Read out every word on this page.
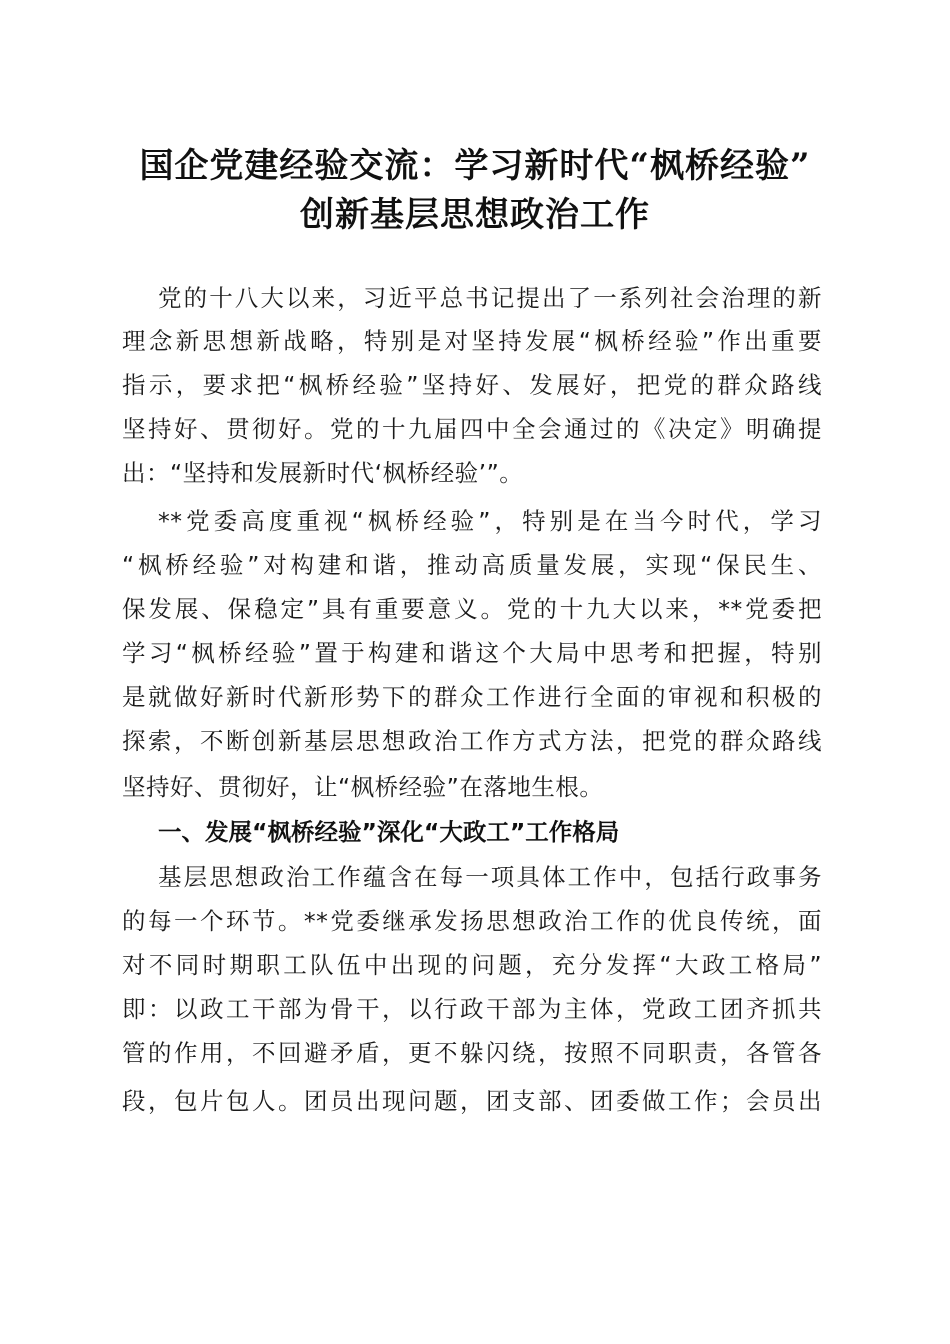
国企党建经验交流：学习新时代“枫桥经验”
创新基层思想政治工作
党的十八大以来，习近平总书记提出了一系列社会治理的新
理念新思想新战略，特别是对坚持发展“枫桥经验”作出重要
指示，要求把“枫桥经验”坚持好、发展好，把党的群众路线
坚持好、贯彻好。党的十九届四中全会通过的《决定》明确提
出：“坚持和发展新时代‘枫桥经验’”。
**党委高度重视“枫桥经验”，特别是在当今时代，学习
“枫桥经验”对构建和谐，推动高质量发展，实现“保民生、
保发展、保稳定”具有重要意义。党的十九大以来，**党委把
学习“枫桥经验”置于构建和谐这个大局中思考和把握，特别
是就做好新时代新形势下的群众工作进行全面的审视和积极的
探索，不断创新基层思想政治工作方式方法，把党的群众路线
坚持好、贯彻好，让“枫桥经验”在落地生根。
一、发展“枫桥经验”深化“大政工”工作格局
基层思想政治工作蕴含在每一项具体工作中，包括行政事务
的每一个环节。**党委继承发扬思想政治工作的优良传统，面
对不同时期职工队伍中出现的问题，充分发挥“大政工格局”
即：以政工干部为骨干，以行政干部为主体，党政工团齐抓共
管的作用，不回避矛盾，更不躲闪绕，按照不同职责，各管各
段，包片包人。团员出现问题，团支部、团委做工作；会员出
